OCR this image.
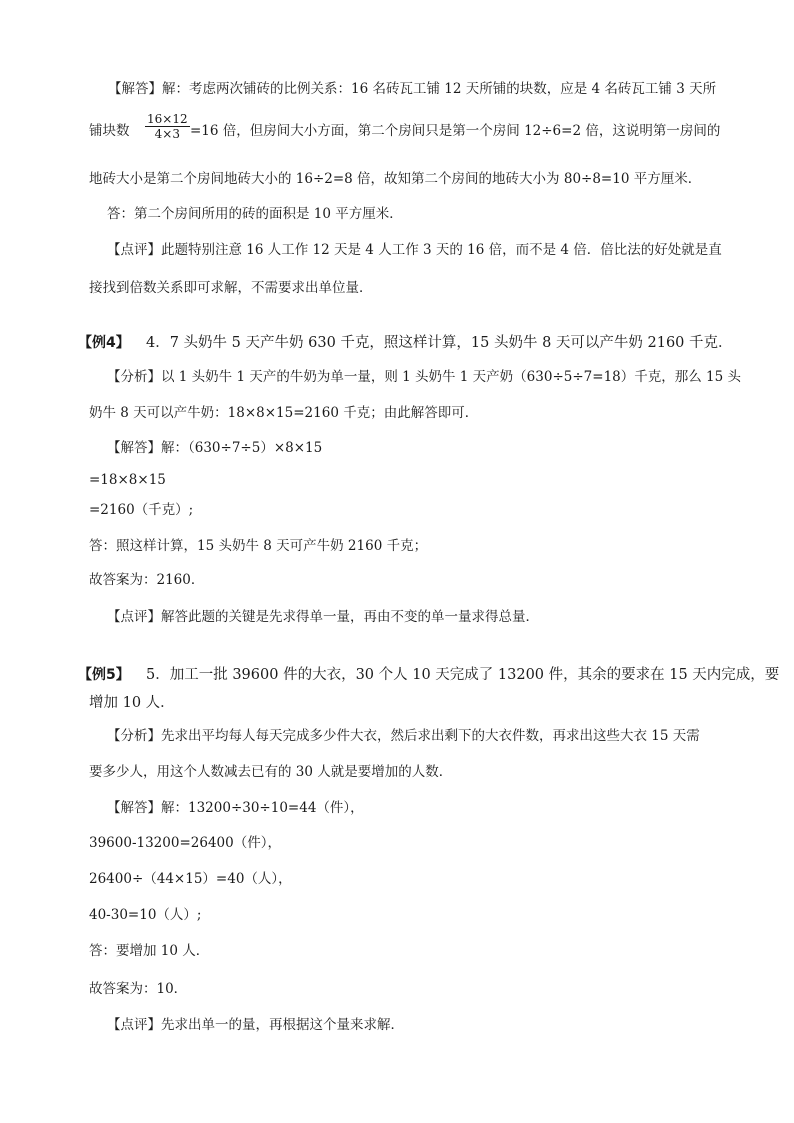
【解答】解：考虑两次铺砖的比例关系：16 名砖瓦工铺 12 天所铺的块数，应是 4 名砖瓦工铺 3 天所
铺块数
16×12
4×3 =16 倍，但房间大小方面，第二个房间只是第一个房间 12÷6=2 倍，这说明第一房间的
地砖大小是第二个房间地砖大小的 16÷2=8 倍，故知第二个房间的地砖大小为 80÷8=10 平方厘米．
答：第二个房间所用的砖的面积是 10 平方厘米．
【点评】此题特别注意 16 人工作 12 天是 4 人工作 3 天的 16 倍，而不是 4 倍．倍比法的好处就是直
接找到倍数关系即可求解，不需要求出单位量．
【例4】 4．7 头奶牛 5 天产牛奶 630 千克，照这样计算，15 头奶牛 8 天可以产牛奶 2160 千克．
【分析】以 1 头奶牛 1 天产的牛奶为单一量，则 1 头奶牛 1 天产奶（630÷5÷7=18）千克，那么 15 头
奶牛 8 天可以产牛奶：18×8×15=2160 千克；由此解答即可．
【解答】解：（630÷7÷5）×8×15
=18×8×15
=2160（千克）;
答：照这样计算，15 头奶牛 8 天可产牛奶 2160 千克；
故答案为：2160．
【点评】解答此题的关键是先求得单一量，再由不变的单一量求得总量．
【例5】 5．加工一批 39600 件的大衣，30 个人 10 天完成了 13200 件，其余的要求在 15 天内完成，要
增加 10 人．
【分析】先求出平均每人每天完成多少件大衣，然后求出剩下的大衣件数，再求出这些大衣 15 天需
要多少人，用这个人数减去已有的 30 人就是要增加的人数．
【解答】解：13200÷30÷10=44（件），
39600-13200=26400（件），
26400÷（44×15）=40（人），
40-30=10（人）;
答：要增加 10 人．
故答案为：10．
【点评】先求出单一的量，再根据这个量来求解．
